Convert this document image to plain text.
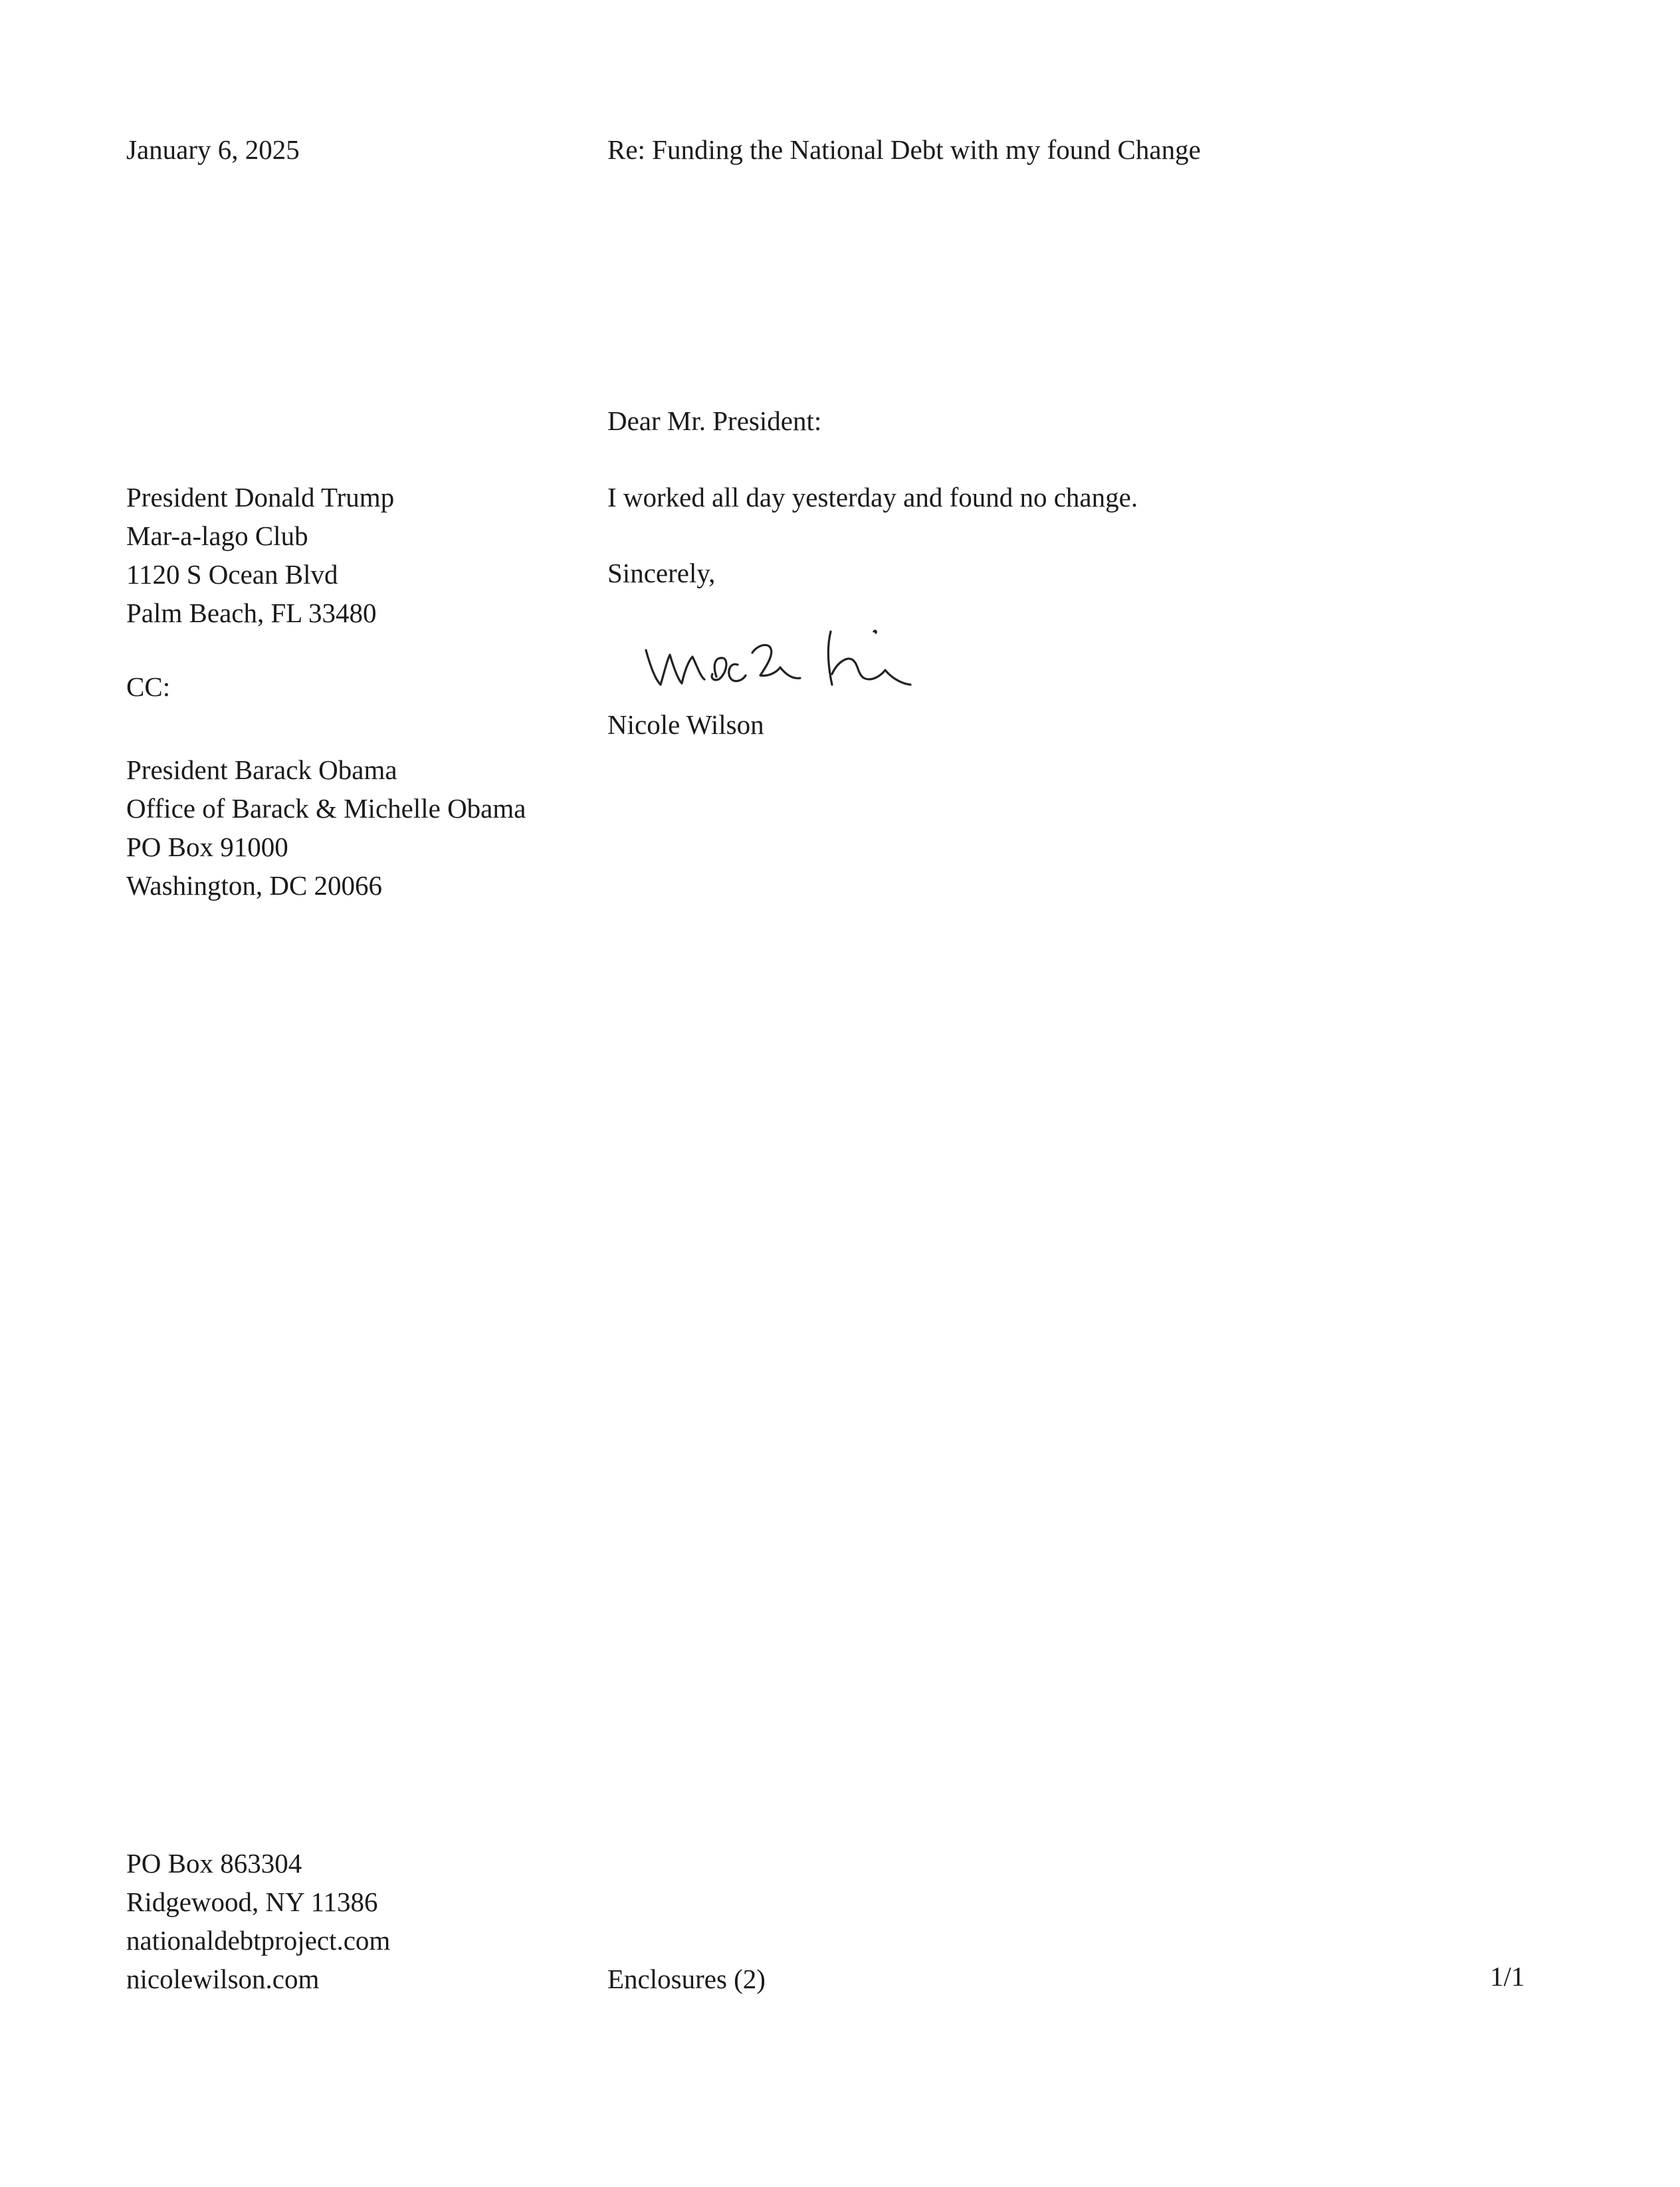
January 6, 2025	Re: Funding the National Debt with my found Change

Dear Mr. President:

President Donald Trump
Mar-a-lago Club
1120 S Ocean Blvd
Palm Beach, FL 33480

I worked all day yesterday and found no change.

Sincerely,

CC:

Nicole Wilson

President Barack Obama
Office of Barack & Michelle Obama
PO Box 91000
Washington, DC 20066
PO Box 863304
Ridgewood, NY 11386
nationaldebtproject.com
nicolewilson.com	Enclosures (2)	1/1
